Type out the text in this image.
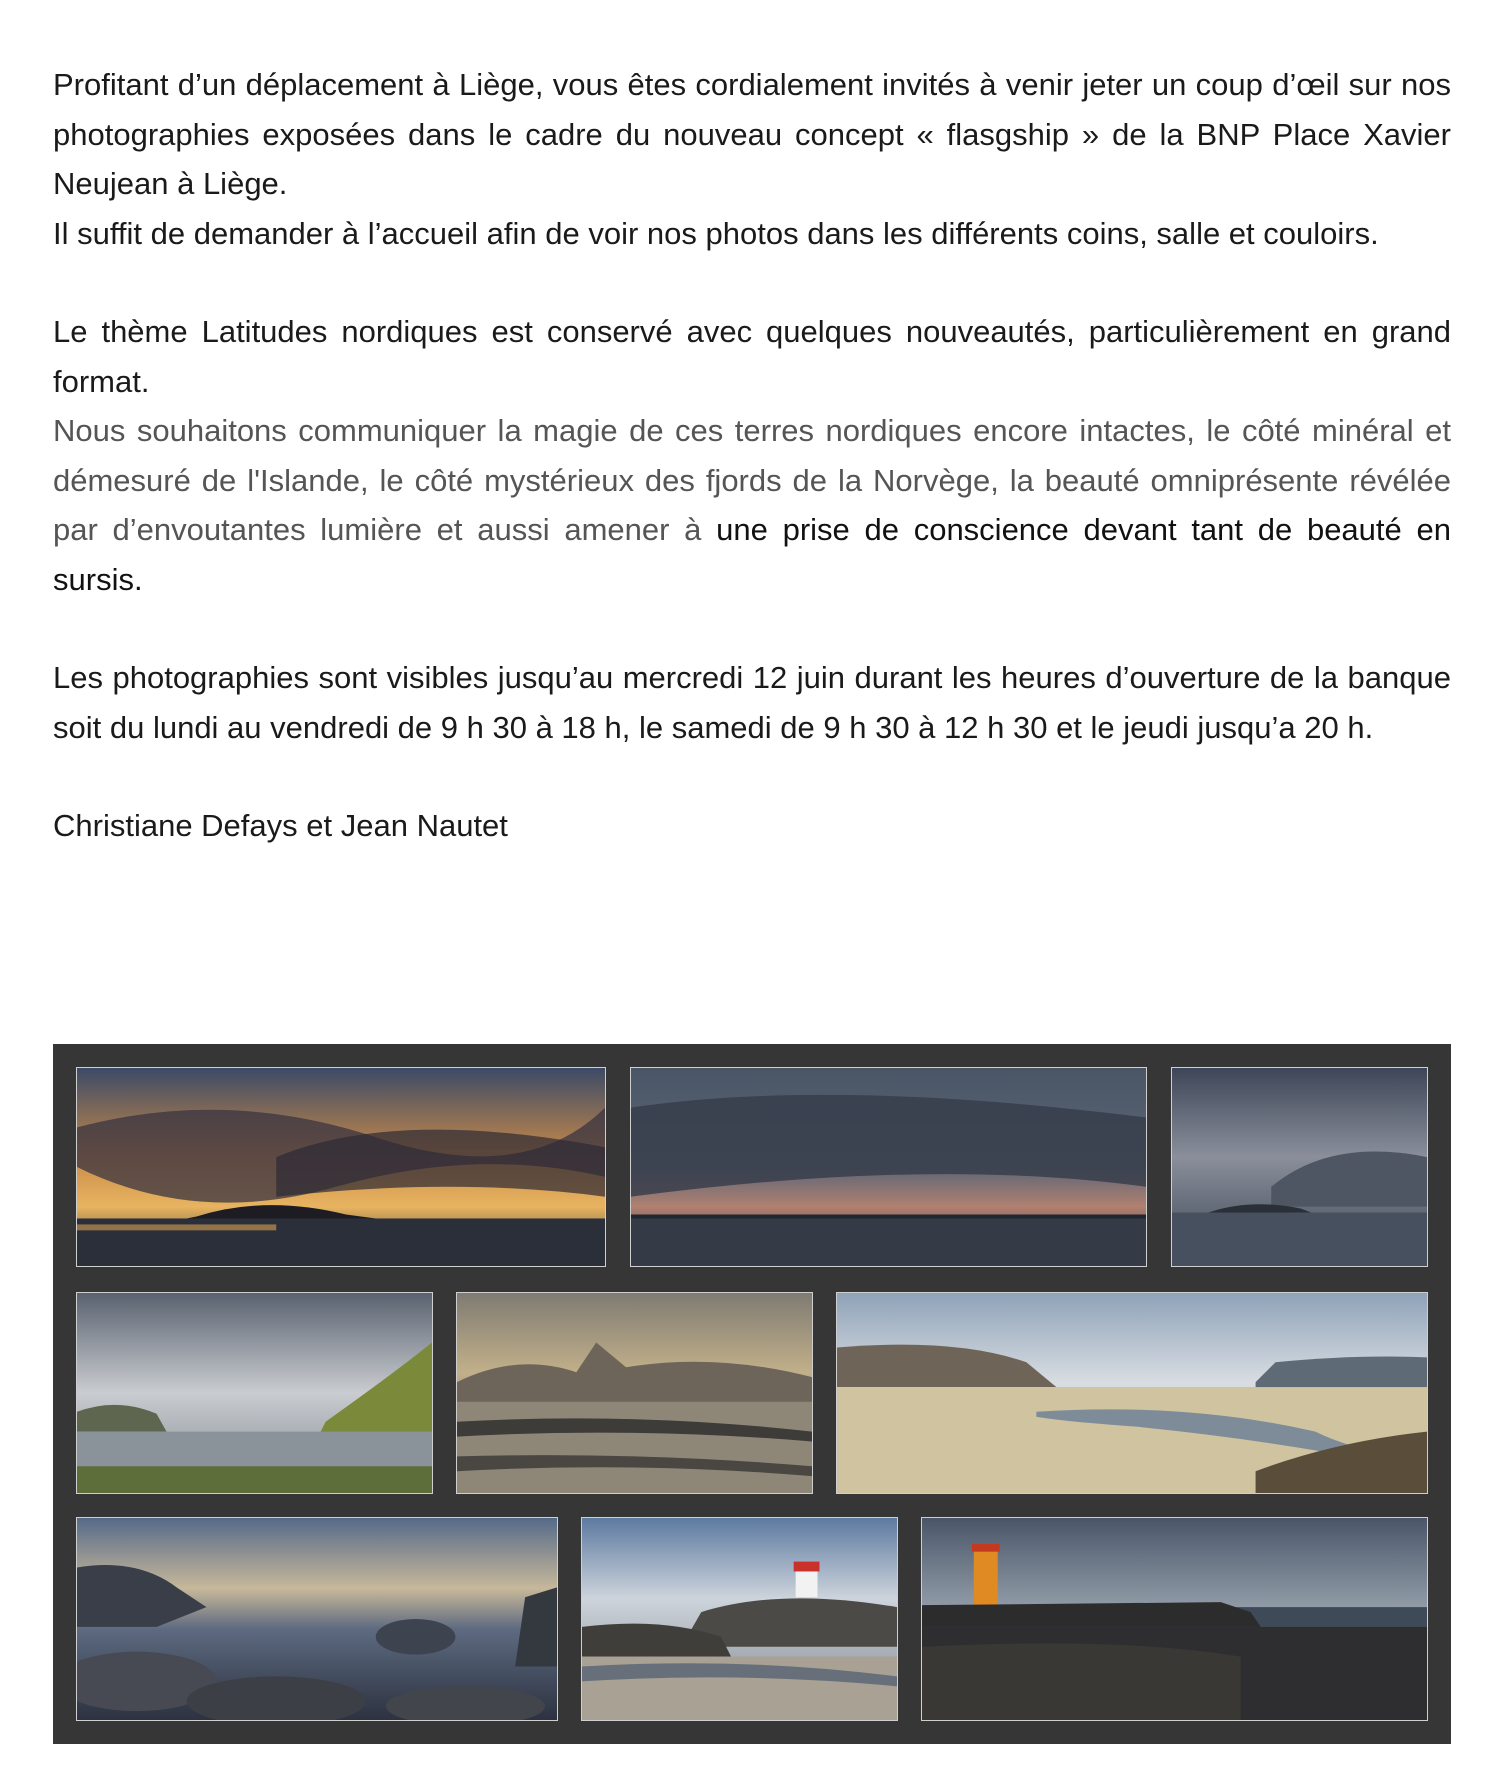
Profitant d’un déplacement à Liège, vous êtes cordialement invités à venir jeter un coup d’œil sur nos photographies exposées dans le cadre du nouveau concept « flasgship » de la BNP Place Xavier Neujean à Liège.

Il suffit de demander à l’accueil afin de voir nos photos dans les différents coins, salle et couloirs.

Le thème Latitudes nordiques est conservé avec quelques nouveautés, particulièrement en grand format.

Nous souhaitons communiquer la magie de ces terres nordiques encore intactes, le côté minéral et démesuré de l'Islande, le côté mystérieux des fjords de la Norvège, la beauté omniprésente révélée par d’envoutantes lumière et aussi amener à une prise de conscience devant tant de beauté en sursis.

Les photographies sont visibles jusqu’au mercredi 12 juin durant les heures d’ouverture de la banque soit du lundi au vendredi de 9 h 30 à 18 h, le samedi de 9 h 30 à 12 h 30 et le jeudi jusqu’a 20 h.

Christiane Defays et Jean Nautet
